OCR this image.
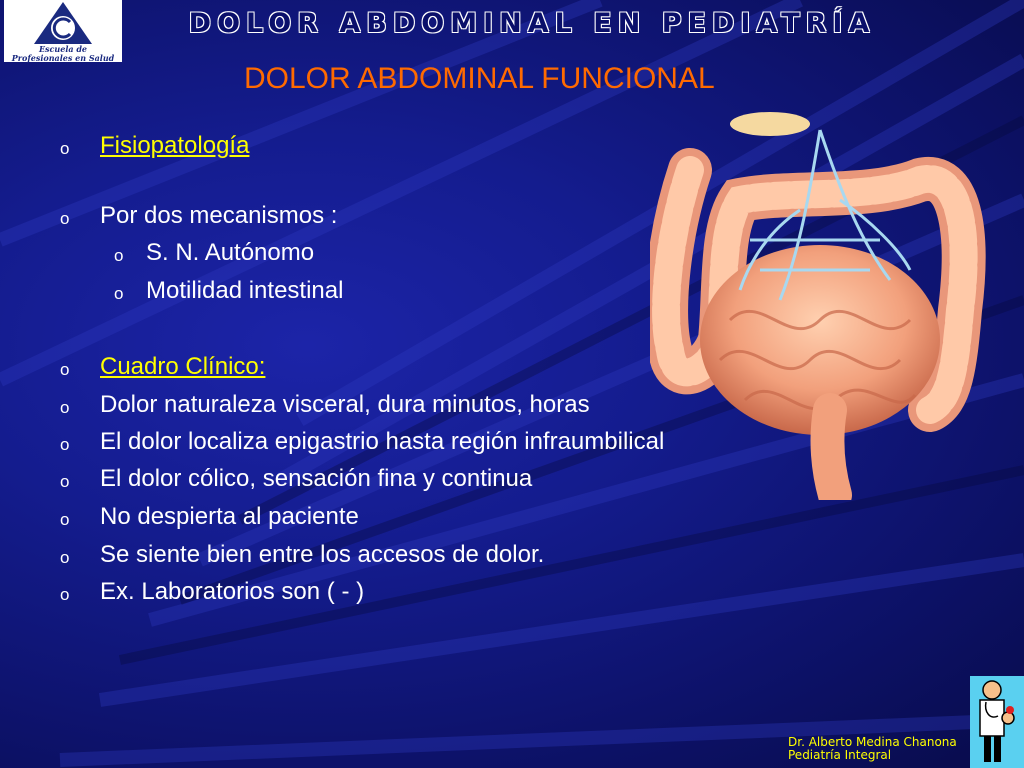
Escuela de
Profesionales en Salud
DOLOR ABDOMINAL EN PEDIATRÍA
DOLOR ABDOMINAL FUNCIONAL
o Fisiopatología
o Por dos mecanismos :
o S. N. Autónomo
o Motilidad intestinal
o Cuadro Clínico:
o Dolor naturaleza visceral, dura minutos, horas
o El dolor localiza epigastrio hasta región infraumbilical
o El dolor cólico, sensación fina y continua
o No despierta al paciente
o Se siente bien entre los accesos de dolor.
o Ex. Laboratorios son ( - )
Dr. Alberto Medina Chanona
Pediatría Integral
